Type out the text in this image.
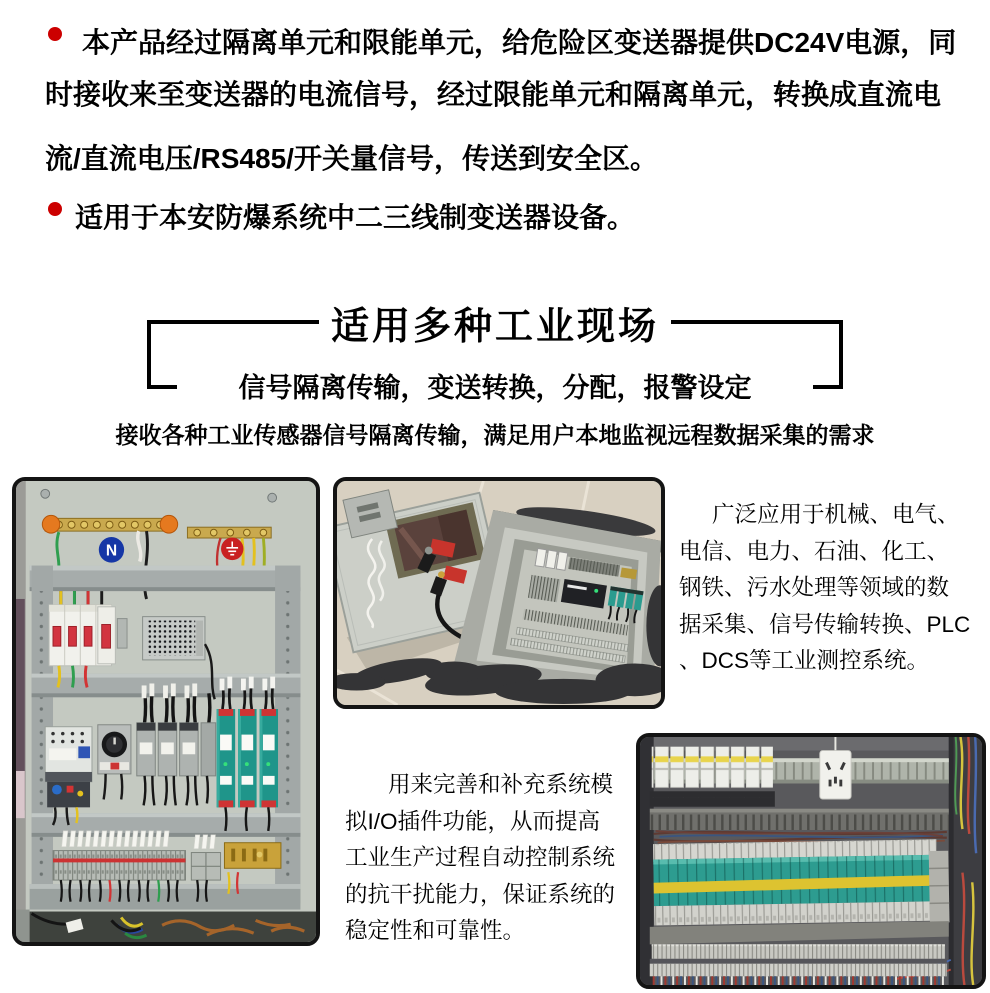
本产品经过隔离单元和限能单元，给危险区变送器提供DC24V电源，同
时接收来至变送器的电流信号，经过限能单元和隔离单元，转换成直流电
流/直流电压/RS485/开关量信号，传送到安全区。
适用于本安防爆系统中二三线制变送器设备。
适用多种工业现场
信号隔离传输，变送转换，分配，报警设定
接收各种工业传感器信号隔离传输，满足用户本地监视远程数据采集的需求
N
广泛应用于机械、电气、
电信、电力、石油、化工、
钢铁、污水处理等领域的数
据采集、信号传输转换、PLC
、DCS等工业测控系统。
用来完善和补充系统模
拟I/O插件功能，从而提高
工业生产过程自动控制系统
的抗干扰能力，保证系统的
稳定性和可靠性。
